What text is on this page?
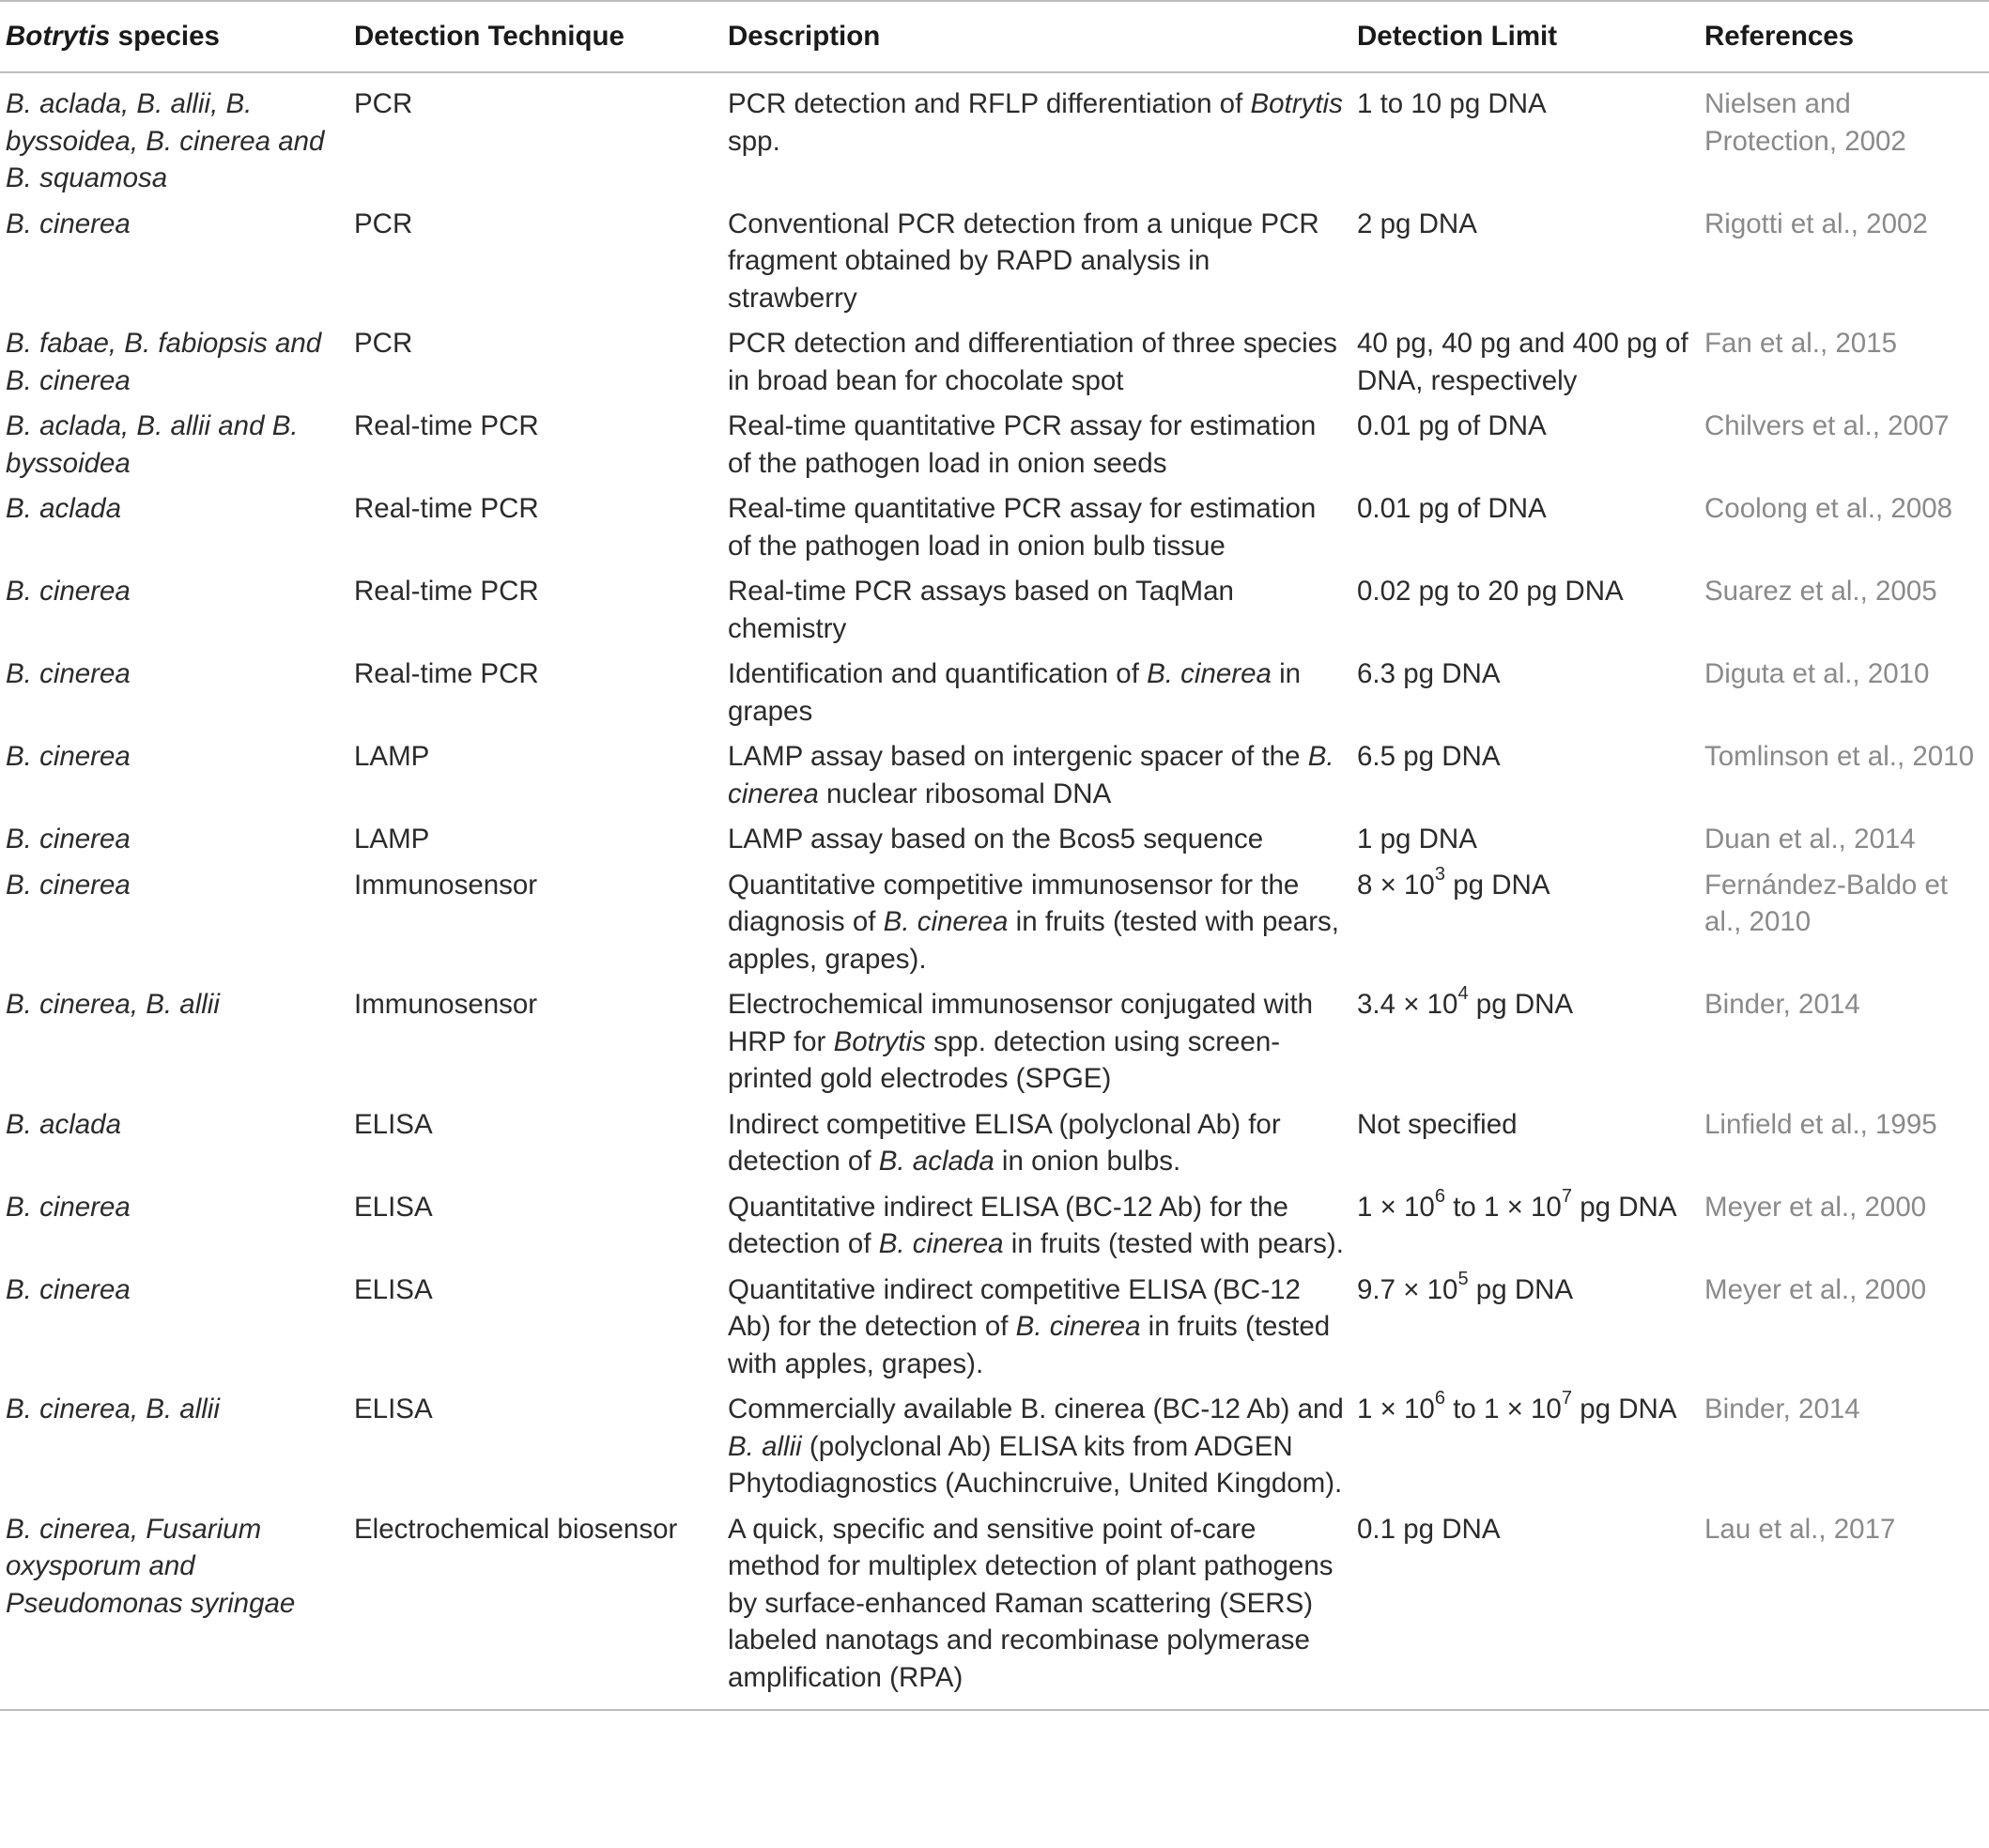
Botrytis species	Detection Technique	Description	Detection Limit	References
B. aclada, B. allii, B. byssoidea, B. cinerea and B. squamosa	PCR	PCR detection and RFLP differentiation of Botrytis spp.	1 to 10 pg DNA	Nielsen and Protection, 2002
B. cinerea	PCR	Conventional PCR detection from a unique PCR fragment obtained by RAPD analysis in strawberry	2 pg DNA	Rigotti et al., 2002
B. fabae, B. fabiopsis and B. cinerea	PCR	PCR detection and differentiation of three species in broad bean for chocolate spot	40 pg, 40 pg and 400 pg of DNA, respectively	Fan et al., 2015
B. aclada, B. allii and B. byssoidea	Real-time PCR	Real-time quantitative PCR assay for estimation of the pathogen load in onion seeds	0.01 pg of DNA	Chilvers et al., 2007
B. aclada	Real-time PCR	Real-time quantitative PCR assay for estimation of the pathogen load in onion bulb tissue	0.01 pg of DNA	Coolong et al., 2008
B. cinerea	Real-time PCR	Real-time PCR assays based on TaqMan chemistry	0.02 pg to 20 pg DNA	Suarez et al., 2005
B. cinerea	Real-time PCR	Identification and quantification of B. cinerea in grapes	6.3 pg DNA	Diguta et al., 2010
B. cinerea	LAMP	LAMP assay based on intergenic spacer of the B. cinerea nuclear ribosomal DNA	6.5 pg DNA	Tomlinson et al., 2010
B. cinerea	LAMP	LAMP assay based on the Bcos5 sequence	1 pg DNA	Duan et al., 2014
B. cinerea	Immunosensor	Quantitative competitive immunosensor for the diagnosis of B. cinerea in fruits (tested with pears, apples, grapes).	$8 \times 10^3$ pg DNA	Fernández-Baldo et al., 2010
B. cinerea, B. allii	Immunosensor	Electrochemical immunosensor conjugated with HRP for Botrytis spp. detection using screen-printed gold electrodes (SPGE)	$3.4 \times 10^4$ pg DNA	Binder, 2014
B. aclada	ELISA	Indirect competitive ELISA (polyclonal Ab) for detection of B. aclada in onion bulbs.	Not specified	Linfield et al., 1995
B. cinerea	ELISA	Quantitative indirect ELISA (BC-12 Ab) for the detection of B. cinerea in fruits (tested with pears).	$1 \times 10^6$ to $1 \times 10^7$ pg DNA	Meyer et al., 2000
B. cinerea	ELISA	Quantitative indirect competitive ELISA (BC-12 Ab) for the detection of B. cinerea in fruits (tested with apples, grapes).	$9.7 \times 10^5$ pg DNA	Meyer et al., 2000
B. cinerea, B. allii	ELISA	Commercially available B. cinerea (BC-12 Ab) and B. allii (polyclonal Ab) ELISA kits from ADGEN Phytodiagnostics (Auchincruive, United Kingdom).	$1 \times 10^6$ to $1 \times 10^7$ pg DNA	Binder, 2014
B. cinerea, Fusarium oxysporum and Pseudomonas syringae	Electrochemical biosensor	A quick, specific and sensitive point of-care method for multiplex detection of plant pathogens by surface-enhanced Raman scattering (SERS) labeled nanotags and recombinase polymerase amplification (RPA)	0.1 pg DNA	Lau et al., 2017
